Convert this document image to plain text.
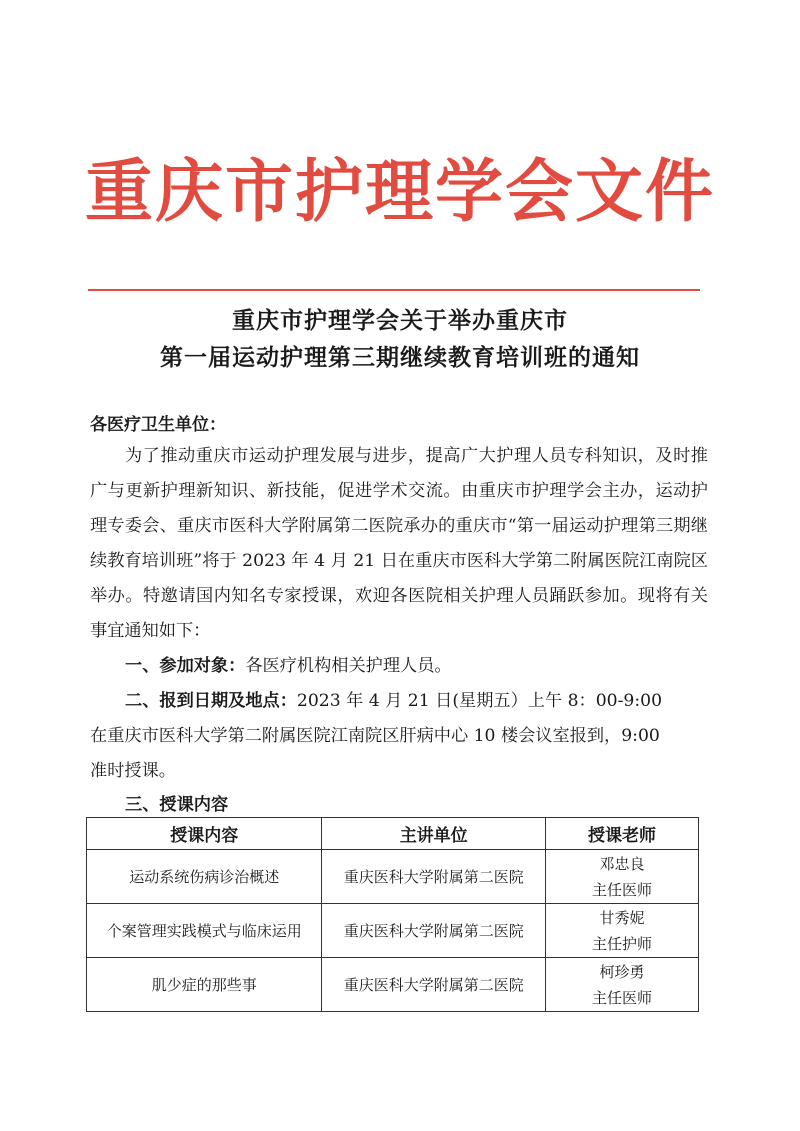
重庆市护理学会文件
重庆市护理学会关于举办重庆市
第一届运动护理第三期继续教育培训班的通知
各医疗卫生单位：
为了推动重庆市运动护理发展与进步，提高广大护理人员专科知识，及时推广与更新护理新知识、新技能，促进学术交流。由重庆市护理学会主办，运动护理专委会、重庆市医科大学附属第二医院承办的重庆市“第一届运动护理第三期继续教育培训班”将于 2023 年 4 月 21 日在重庆市医科大学第二附属医院江南院区举办。特邀请国内知名专家授课，欢迎各医院相关护理人员踊跃参加。现将有关事宜通知如下：
一、参加对象：各医疗机构相关护理人员。
二、报到日期及地点：2023 年 4 月 21 日(星期五）上午 8：00-9:00
在重庆市医科大学第二附属医院江南院区肝病中心 10 楼会议室报到，9:00
准时授课。
三、授课内容
授课内容	主讲单位	授课老师
运动系统伤病诊治概述	重庆医科大学附属第二医院	邓忠良
主任医师

个案管理实践模式与临床运用	重庆医科大学附属第二医院	甘秀妮
主任护师

肌少症的那些事	重庆医科大学附属第二医院	柯珍勇
主任医师
